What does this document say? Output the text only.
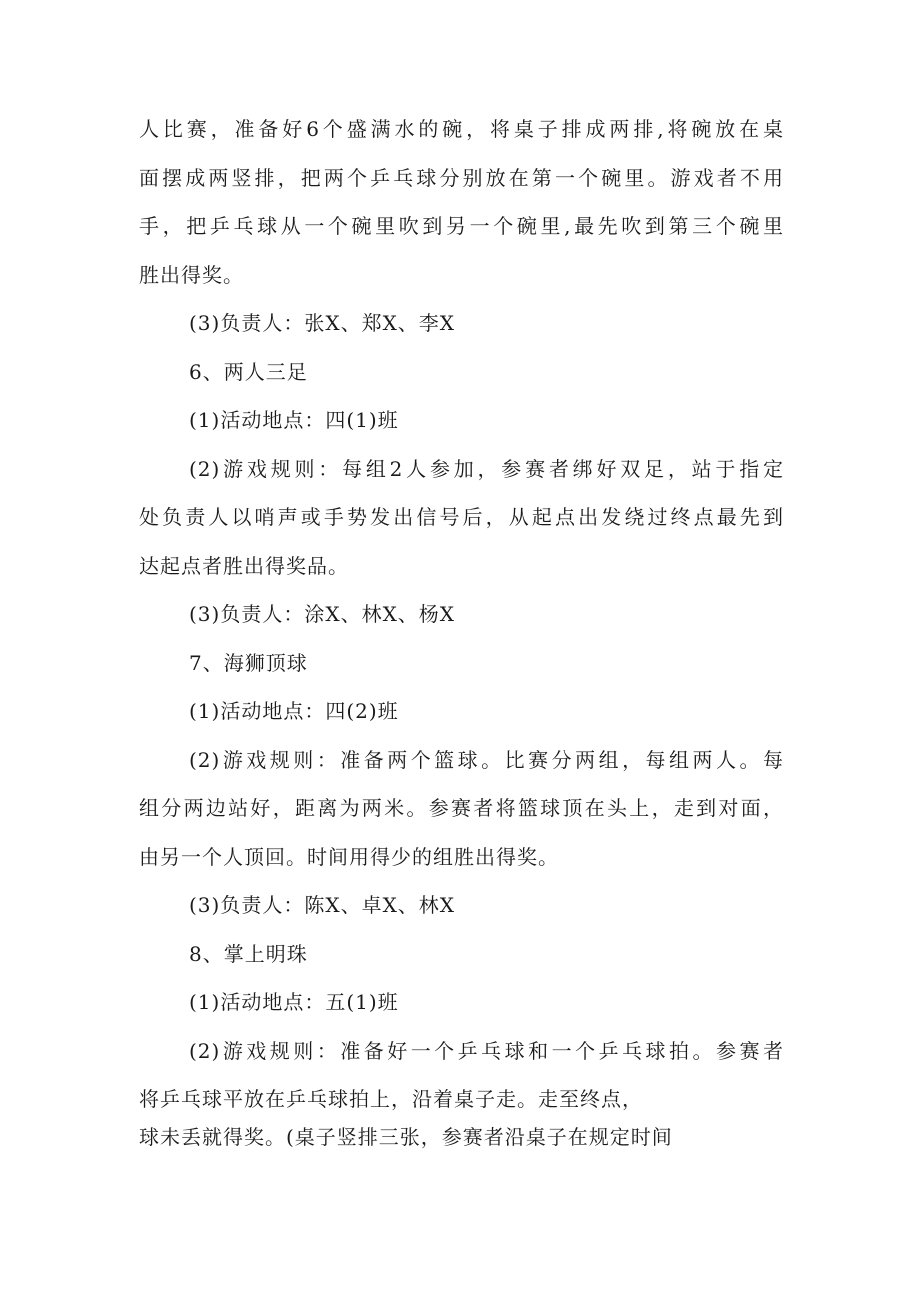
人比赛，准备好6个盛满水的碗，将桌子排成两排,将碗放在桌
面摆成两竖排，把两个乒乓球分别放在第一个碗里。游戏者不用
手，把乒乓球从一个碗里吹到另一个碗里,最先吹到第三个碗里
胜出得奖。
(3)负责人：张X、郑X、李X
6、两人三足
(1)活动地点：四(1)班
(2)游戏规则：每组2人参加，参赛者绑好双足，站于指定
处负责人以哨声或手势发出信号后，从起点出发绕过终点最先到
达起点者胜出得奖品。
(3)负责人：涂X、林X、杨X
7、海狮顶球
(1)活动地点：四(2)班
(2)游戏规则：准备两个篮球。比赛分两组，每组两人。每
组分两边站好，距离为两米。参赛者将篮球顶在头上，走到对面，
由另一个人顶回。时间用得少的组胜出得奖。
(3)负责人：陈X、卓X、林X
8、掌上明珠
(1)活动地点：五(1)班
(2)游戏规则：准备好一个乒乓球和一个乒乓球拍。参赛者
将乒乓球平放在乒乓球拍上，沿着桌子走。走至终点，
球未丢就得奖。(桌子竖排三张，参赛者沿桌子在规定时间
